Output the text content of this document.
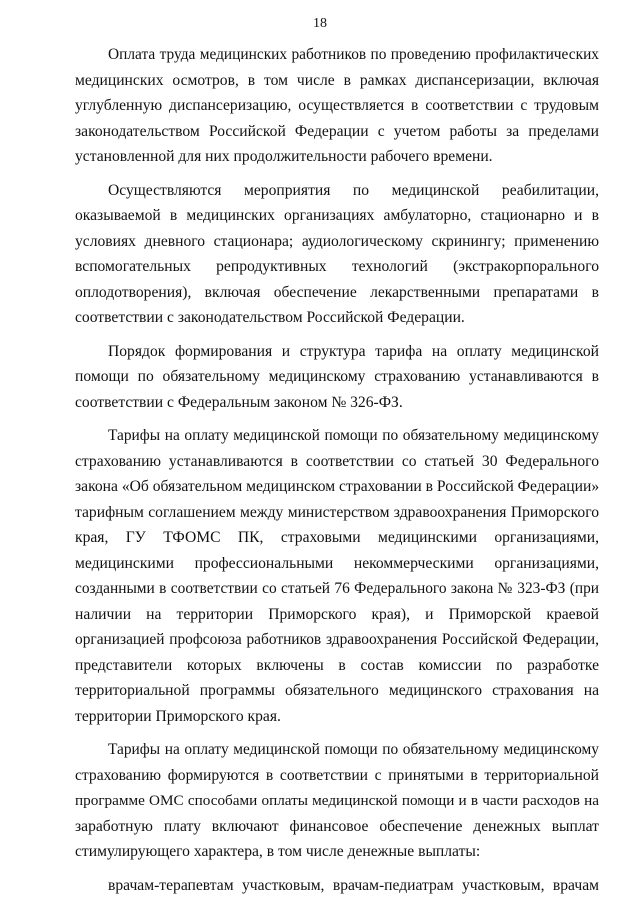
18
Оплата труда медицинских работников по проведению профилактических
медицинских осмотров, в том числе в рамках диспансеризации, включая
углубленную диспансеризацию, осуществляется в соответствии с трудовым
законодательством Российской Федерации с учетом работы за пределами
установленной для них продолжительности рабочего времени.
Осуществляются мероприятия по медицинской реабилитации,
оказываемой в медицинских организациях амбулаторно, стационарно и в
условиях дневного стационара; аудиологическому скринингу; применению
вспомогательных репродуктивных технологий (экстракорпорального
оплодотворения), включая обеспечение лекарственными препаратами в
соответствии с законодательством Российской Федерации.
Порядок формирования и структура тарифа на оплату медицинской
помощи по обязательному медицинскому страхованию устанавливаются в
соответствии с Федеральным законом № 326-ФЗ.
Тарифы на оплату медицинской помощи по обязательному медицинскому
страхованию устанавливаются в соответствии со статьей 30 Федерального
закона «Об обязательном медицинском страховании в Российской Федерации»
тарифным соглашением между министерством здравоохранения Приморского
края, ГУ ТФОМС ПК, страховыми медицинскими организациями,
медицинскими профессиональными некоммерческими организациями,
созданными в соответствии со статьей 76 Федерального закона № 323-ФЗ (при
наличии на территории Приморского края), и Приморской краевой
организацией профсоюза работников здравоохранения Российской Федерации,
представители которых включены в состав комиссии по разработке
территориальной программы обязательного медицинского страхования на
территории Приморского края.
Тарифы на оплату медицинской помощи по обязательному медицинскому
страхованию формируются в соответствии с принятыми в территориальной
программе ОМС способами оплаты медицинской помощи и в части расходов на
заработную плату включают финансовое обеспечение денежных выплат
стимулирующего характера, в том числе денежные выплаты:
врачам-терапевтам участковым, врачам-педиатрам участковым, врачам
